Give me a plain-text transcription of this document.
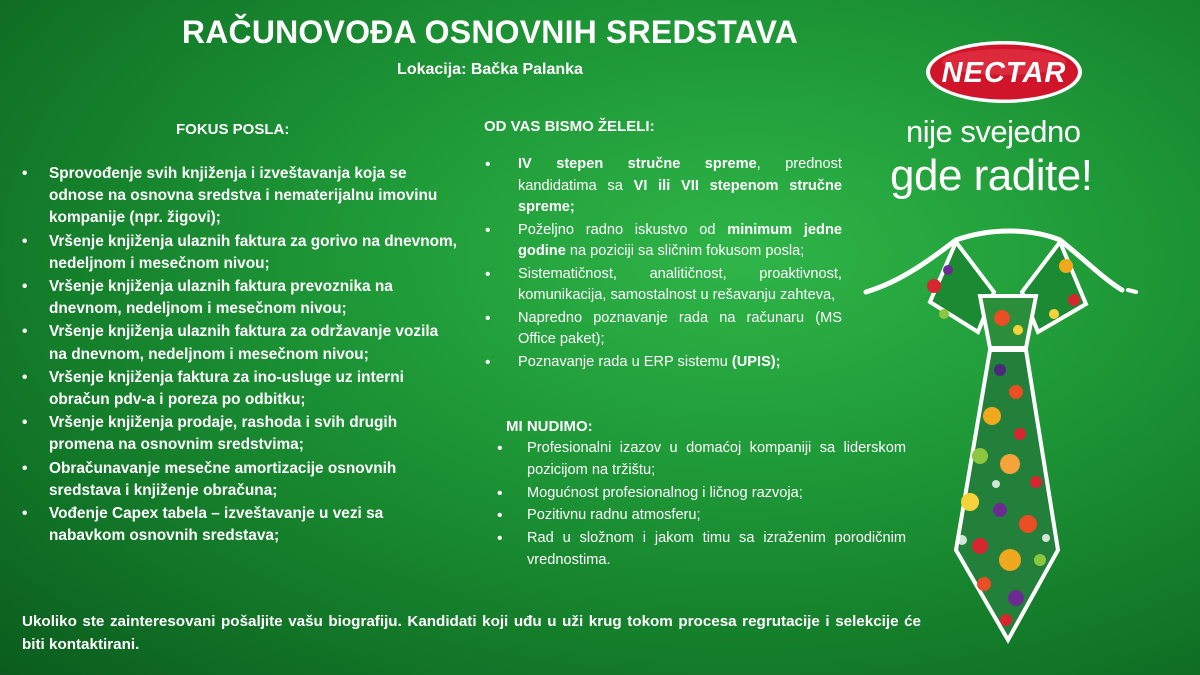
RAČUNOVOĐA OSNOVNIH SREDSTAVA
Lokacija: Bačka Palanka
FOKUS POSLA:
• Sprovođenje svih knjiženja i izveštavanja koja se odnose na osnovna sredstva i nematerijalnu imovinu kompanije (npr. žigovi);
• Vršenje knjiženja ulaznih faktura za gorivo na dnevnom, nedeljnom i mesečnom nivou;
• Vršenje knjiženja ulaznih faktura prevoznika na dnevnom, nedeljnom i mesečnom nivou;
• Vršenje knjiženja ulaznih faktura za održavanje vozila na dnevnom, nedeljnom i mesečnom nivou;
• Vršenje knjiženja faktura za ino-usluge uz interni obračun pdv-a i poreza po odbitku;
• Vršenje knjiženja prodaje, rashoda i svih drugih promena na osnovnim sredstvima;
• Obračunavanje mesečne amortizacije osnovnih sredstava i knjiženje obračuna;
• Vođenje Capex tabela – izveštavanje u vezi sa nabavkom osnovnih sredstava;
OD VAS BISMO ŽELELI:
• IV stepen stručne spreme, prednost kandidatima sa VI ili VII stepenom stručne spreme;
• Poželjno radno iskustvo od minimum jedne godine na poziciji sa sličnim fokusom posla;
• Sistematičnost, analitičnost, proaktivnost, komunikacija, samostalnost u rešavanju zahteva,
• Napredno poznavanje rada na računaru (MS Office paket);
• Poznavanje rada u ERP sistemu (UPIS);
MI NUDIMO:
• Profesionalni izazov u domaćoj kompaniji sa liderskom pozicijom na tržištu;
• Mogućnost profesionalnog i ličnog razvoja;
• Pozitivnu radnu atmosferu;
• Rad u složnom i jakom timu sa izraženim porodičnim vrednostima.
Ukoliko ste zainteresovani pošaljite vašu biografiju. Kandidati koji uđu u uži krug tokom procesa regrutacije i selekcije će biti kontaktirani.
NECTAR
nije svejedno
gde radite!
